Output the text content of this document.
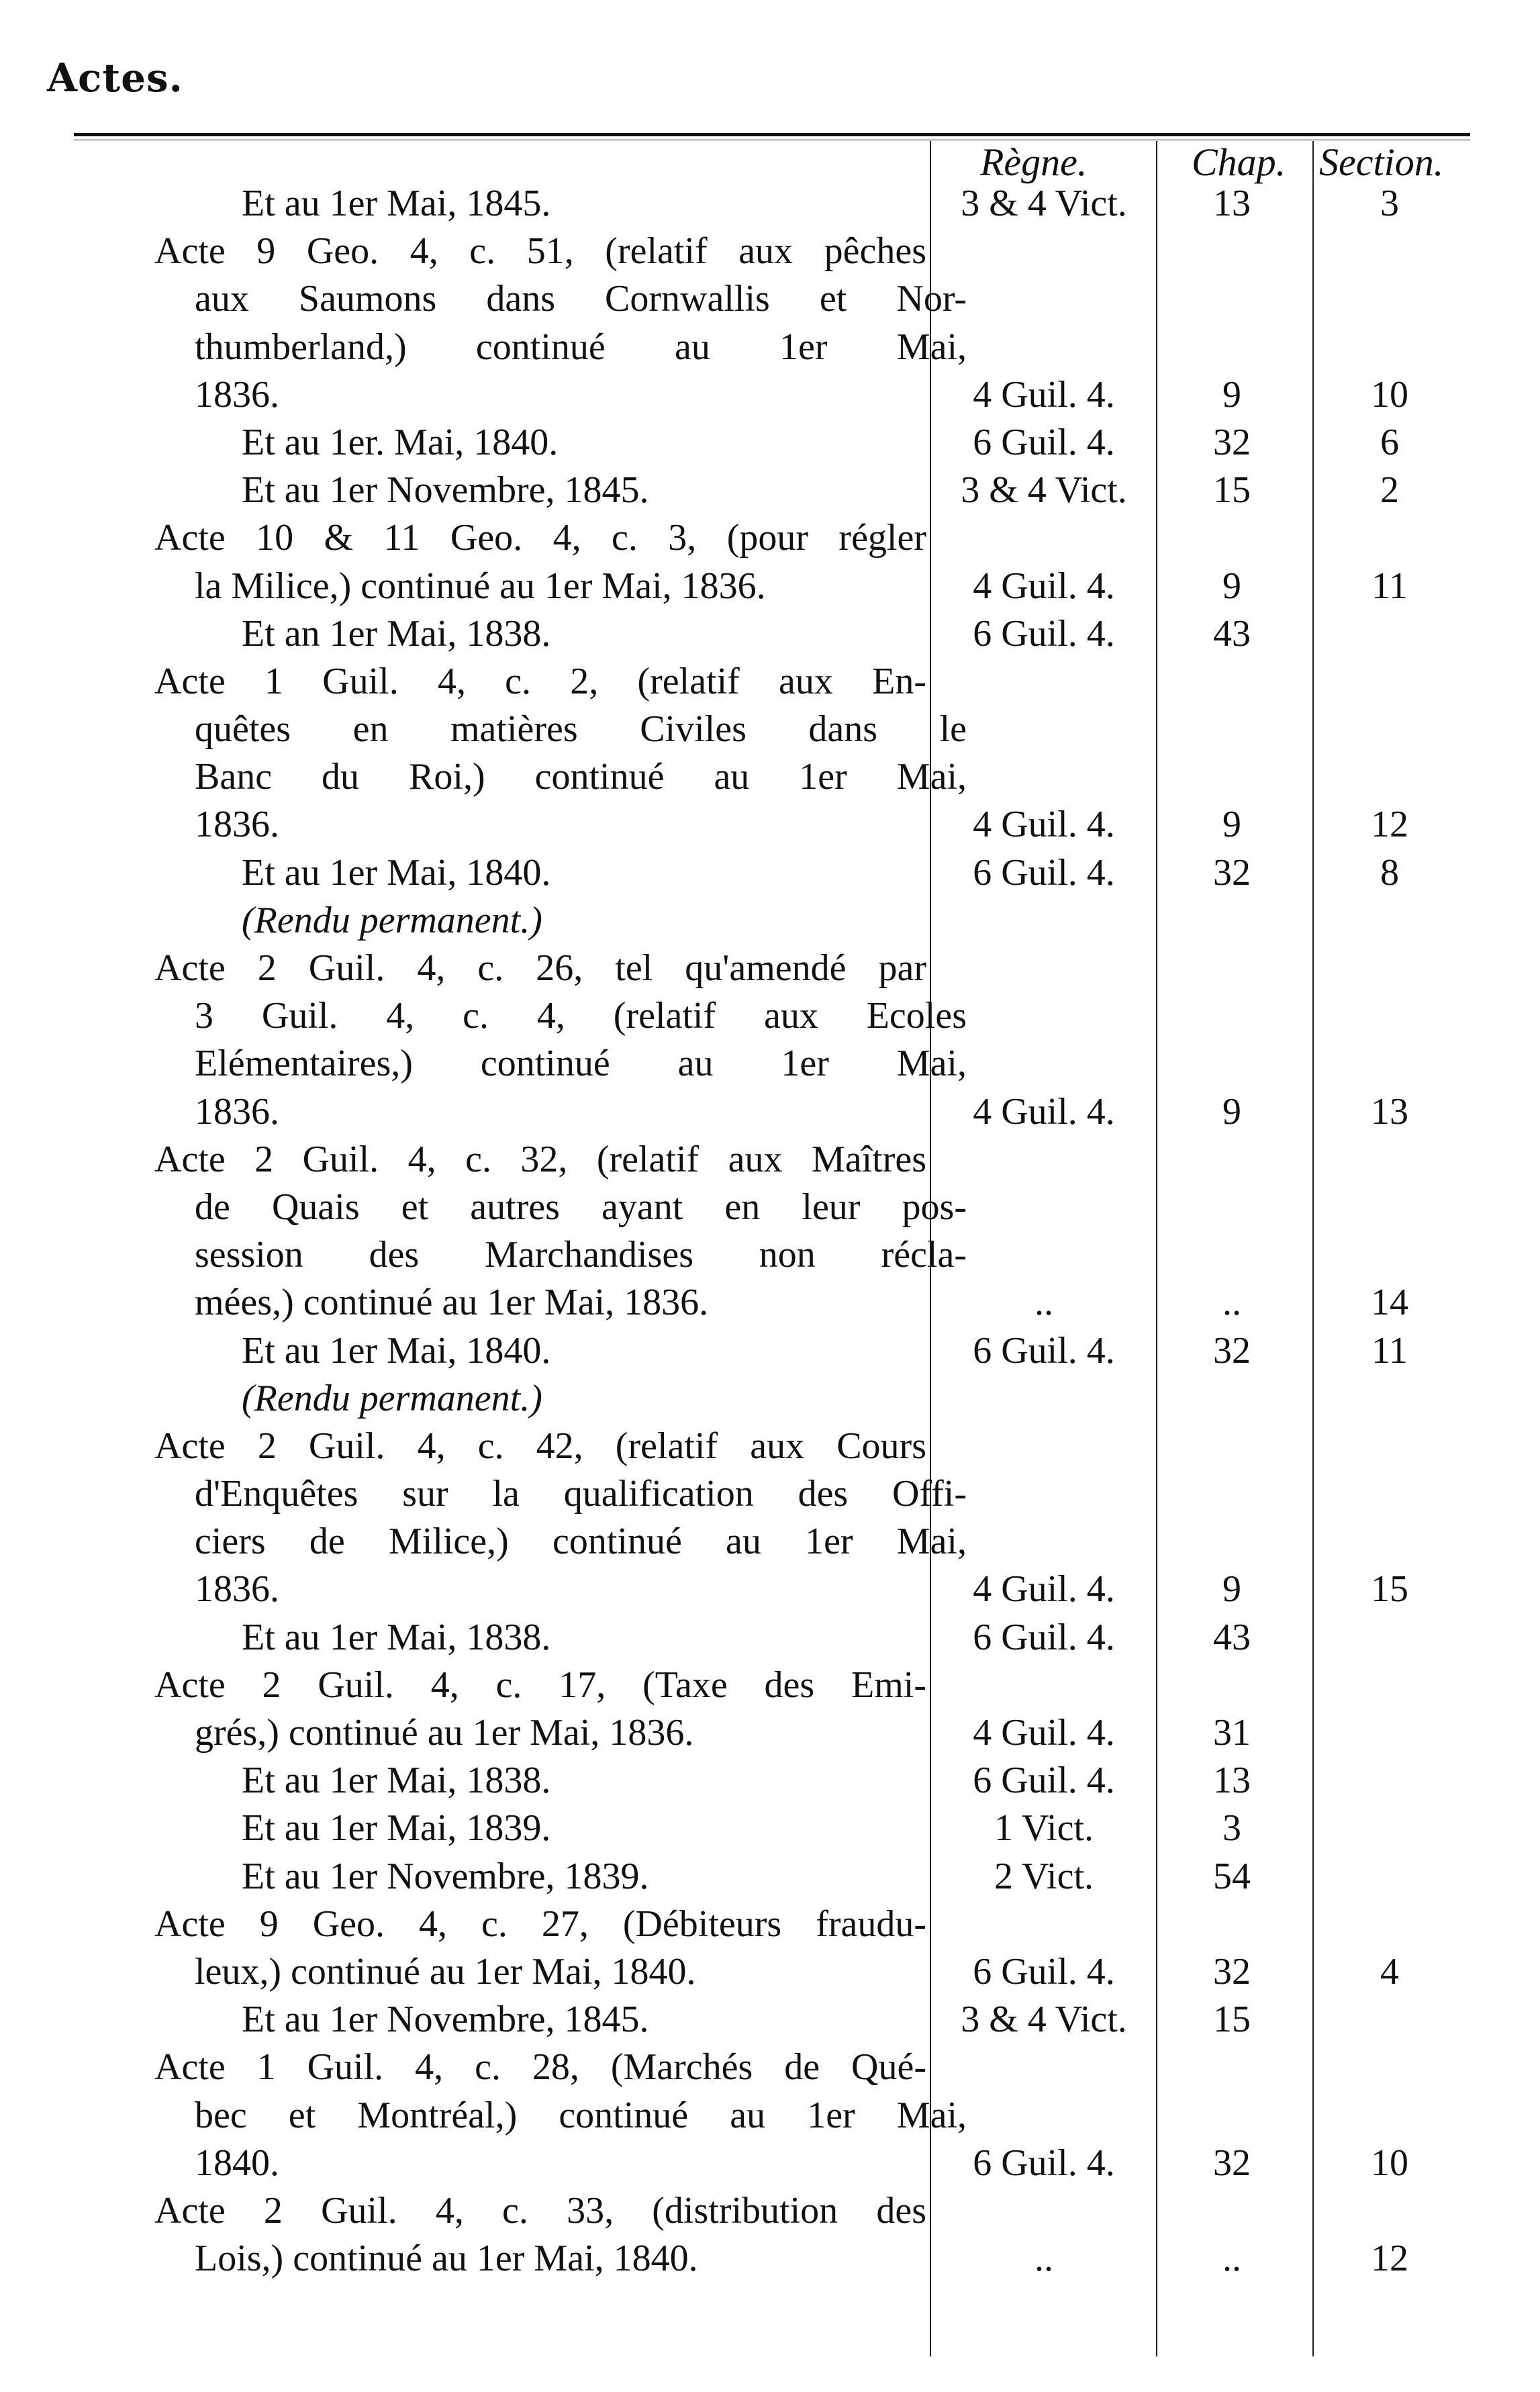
Actes.
Règne.	Chap. Section.
Et au 1er Mai, 1845.	3 & 4 Vict.	13	3
Acte 9 Geo. 4, c. 51, (relatif aux pêches
aux Saumons dans Cornwallis et Nor-
thumberland,) continué au 1er Mai,
1836.	4 Guil. 4.	9	10
Et au 1er. Mai, 1840.	6 Guil. 4.	32	6
Et au 1er Novembre, 1845.	3 & 4 Vict.	15	2
Acte 10 & 11 Geo. 4, c. 3, (pour régler
la Milice,) continué au 1er Mai, 1836.	4 Guil. 4.	9	11
Et an 1er Mai, 1838.	6 Guil. 4.	43
Acte 1 Guil. 4, c. 2, (relatif aux En-
quêtes en matières Civiles dans le
Banc du Roi,) continué au 1er Mai,
1836.	4 Guil. 4.	9	12
Et au 1er Mai, 1840.	6 Guil. 4.	32	8
(Rendu permanent.)
Acte 2 Guil. 4, c. 26, tel qu'amendé par
3 Guil. 4, c. 4, (relatif aux Ecoles
Elémentaires,) continué au 1er Mai,
1836.	4 Guil. 4.	9	13
Acte 2 Guil. 4, c. 32, (relatif aux Maîtres
de Quais et autres ayant en leur pos-
session des Marchandises non récla-
mées,) continué au 1er Mai, 1836.	..	..	14
Et au 1er Mai, 1840.	6 Guil. 4.	32	11
(Rendu permanent.)
Acte 2 Guil. 4, c. 42, (relatif aux Cours
d'Enquêtes sur la qualification des Offi-
ciers de Milice,) continué au 1er Mai,
1836.	4 Guil. 4.	9	15
Et au 1er Mai, 1838.	6 Guil. 4.	43
Acte 2 Guil. 4, c. 17, (Taxe des Emi-
grés,) continué au 1er Mai, 1836.	4 Guil. 4.	31
Et au 1er Mai, 1838.	6 Guil. 4.	13
Et au 1er Mai, 1839.	1 Vict.	3
Et au 1er Novembre, 1839.	2 Vict.	54
Acte 9 Geo. 4, c. 27, (Débiteurs fraudu-
leux,) continué au 1er Mai, 1840.	6 Guil. 4.	32	4
Et au 1er Novembre, 1845.	3 & 4 Vict.	15
Acte 1 Guil. 4, c. 28, (Marchés de Qué-
bec et Montréal,) continué au 1er Mai,
1840.	6 Guil. 4.	32	10
Acte 2 Guil. 4, c. 33, (distribution des
Lois,) continué au 1er Mai, 1840.	..	..	12
